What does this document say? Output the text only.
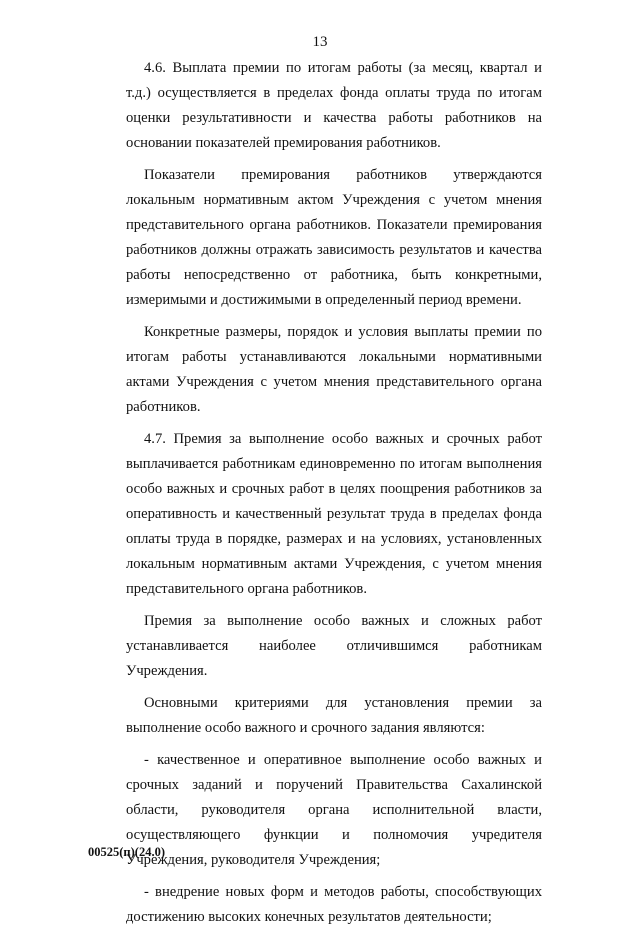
13

4.6. Выплата премии по итогам работы (за месяц, квартал и т.д.) осуществляется в пределах фонда оплаты труда по итогам оценки результативности и качества работы работников на основании показателей премирования работников.

Показатели премирования работников утверждаются локальным нормативным актом Учреждения с учетом мнения представительного органа работников. Показатели премирования работников должны отражать зависимость результатов и качества работы непосредственно от работника, быть конкретными, измеримыми и достижимыми в определенный период времени.

Конкретные размеры, порядок и условия выплаты премии по итогам работы устанавливаются локальными нормативными актами Учреждения с учетом мнения представительного органа работников.

4.7. Премия за выполнение особо важных и срочных работ выплачивается работникам единовременно по итогам выполнения особо важных и срочных работ в целях поощрения работников за оперативность и качественный результат труда в пределах фонда оплаты труда в порядке, размерах и на условиях, установленных локальным нормативным актами Учреждения, с учетом мнения представительного органа работников.

Премия за выполнение особо важных и сложных работ устанавливается наиболее отличившимся работникам Учреждения.

Основными критериями для установления премии за выполнение особо важного и срочного задания являются:

- качественное и оперативное выполнение особо важных и срочных заданий и поручений Правительства Сахалинской области, руководителя органа исполнительной власти, осуществляющего функции и полномочия учредителя Учреждения, руководителя Учреждения;

- внедрение новых форм и методов работы, способствующих достижению высоких конечных результатов деятельности;

00525(п)(24.0)
